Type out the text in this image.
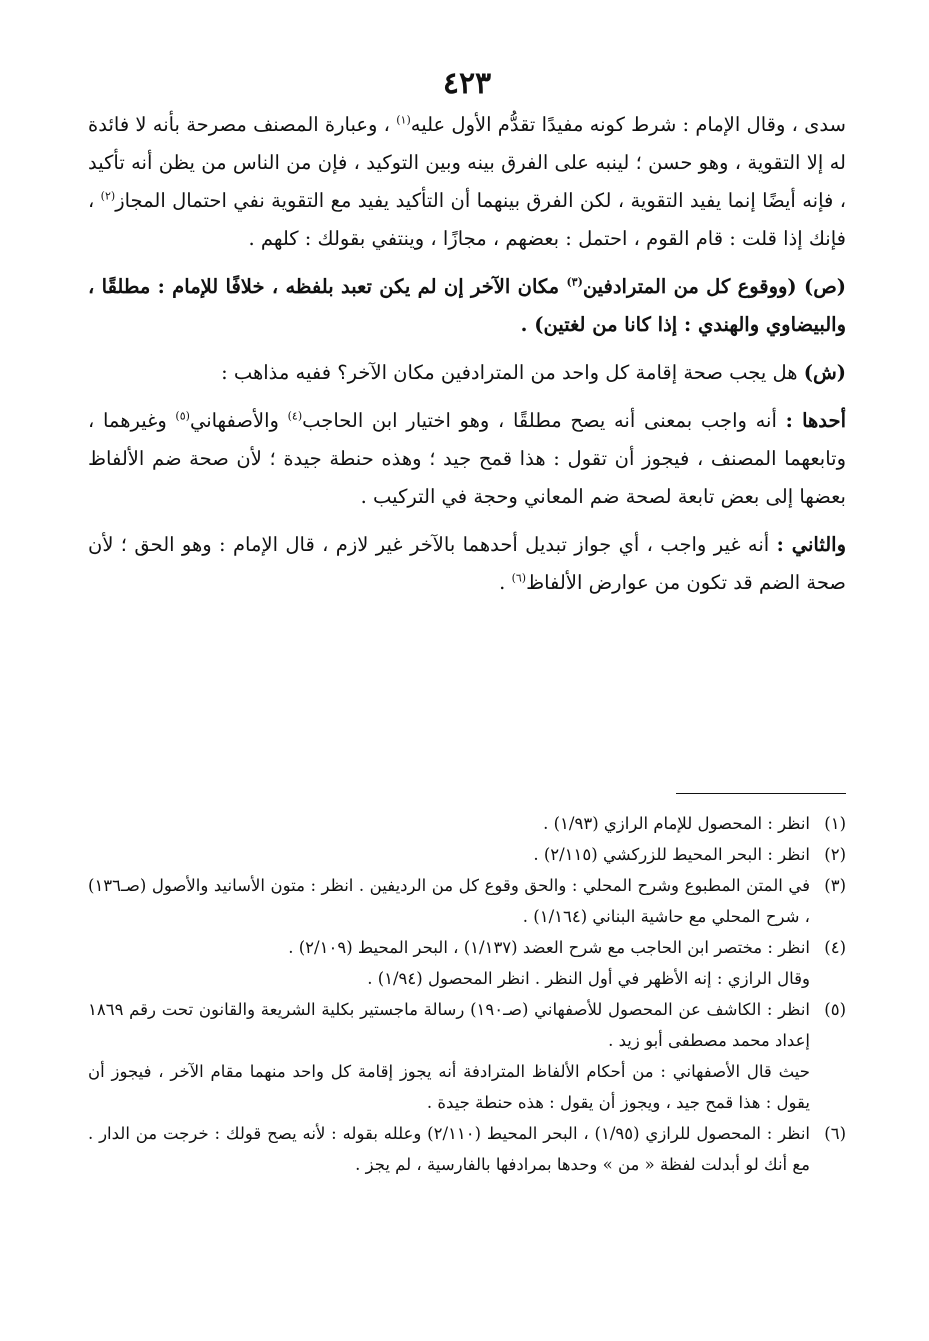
٤٢٣

سدى ، وقال الإمام : شرط كونه مفيدًا تقدُّم الأول عليه$^{(١)}$ ، وعبارة المصنف مصرحة بأنه لا فائدة له إلا التقوية ، وهو حسن ؛ لينبه على الفرق بينه وبين التوكيد ، فإن من الناس من يظن أنه تأكيد ، فإنه أيضًا إنما يفيد التقوية ، لكن الفرق بينهما أن التأكيد يفيد مع التقوية نفي احتمال المجاز$^{(٢)}$ ، فإنك إذا قلت : قام القوم ، احتمل : بعضهم ، مجازًا ، وينتفي بقولك : كلهم .

(ص) (ووقوع كل من المترادفين$^{(٣)}$ مكان الآخر إن لم يكن تعبد بلفظه ، خلافًا للإمام : مطلقًا ، والبيضاوي والهندي : إذا كانا من لغتين) .

(ش) هل يجب صحة إقامة كل واحد من المترادفين مكان الآخر؟ ففيه مذاهب :

أحدها : أنه واجب بمعنى أنه يصح مطلقًا ، وهو اختيار ابن الحاجب$^{(٤)}$ والأصفهاني$^{(٥)}$ وغيرهما ، وتابعهما المصنف ، فيجوز أن تقول : هذا قمح جيد ؛ وهذه حنطة جيدة ؛ لأن صحة ضم الألفاظ بعضها إلى بعض تابعة لصحة ضم المعاني وحجة في التركيب .

والثاني : أنه غير واجب ، أي جواز تبديل أحدهما بالآخر غير لازم ، قال الإمام : وهو الحق ؛ لأن صحة الضم قد تكون من عوارض الألفاظ$^{(٦)}$ .

(١)
انظر : المحصول للإمام الرازي (١/٩٣) .
(٢)
انظر : البحر المحيط للزركشي (٢/١١٥) .
(٣)
في المتن المطبوع وشرح المحلي : والحق وقوع كل من الرديفين . انظر : متون الأسانيد والأصول (صـ١٣٦) ، شرح المحلي مع حاشية البناني (١/١٦٤) .
(٤)
انظر : مختصر ابن الحاجب مع شرح العضد (١/١٣٧) ، البحر المحيط (٢/١٠٩) .
وقال الرازي : إنه الأظهر في أول النظر . انظر المحصول (١/٩٤) .
(٥)
انظر : الكاشف عن المحصول للأصفهاني (صـ١٩٠) رسالة ماجستير بكلية الشريعة والقانون تحت رقم ١٨٦٩ إعداد محمد مصطفى أبو زيد .
حيث قال الأصفهاني : من أحكام الألفاظ المترادفة أنه يجوز إقامة كل واحد منهما مقام الآخر ، فيجوز أن يقول : هذا قمح جيد ، ويجوز أن يقول : هذه حنطة جيدة .
(٦)
انظر : المحصول للرازي (١/٩٥) ، البحر المحيط (٢/١١٠) وعلله بقوله : لأنه يصح قولك : خرجت من الدار . مع أنك لو أبدلت لفظة « من » وحدها بمرادفها بالفارسية ، لم يجز .
